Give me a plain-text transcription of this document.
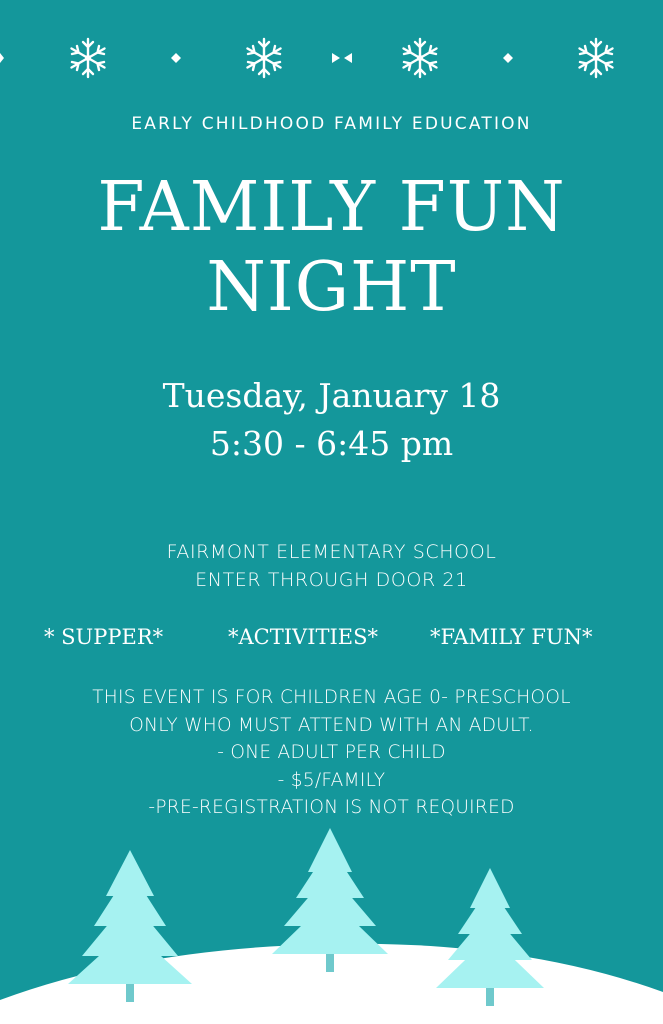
EARLY CHILDHOOD FAMILY EDUCATION
FAMILY FUN
NIGHT
Tuesday, January 18
5:30 - 6:45 pm
FAIRMONT ELEMENTARY SCHOOL
ENTER THROUGH DOOR 21
* SUPPER*	*ACTIVITIES* *FAMILY FUN*
THIS EVENT IS FOR CHILDREN AGE 0- PRESCHOOL
ONLY WHO MUST ATTEND WITH AN ADULT.
- ONE ADULT PER CHILD
- $5/FAMILY
-PRE-REGISTRATION IS NOT REQUIRED
